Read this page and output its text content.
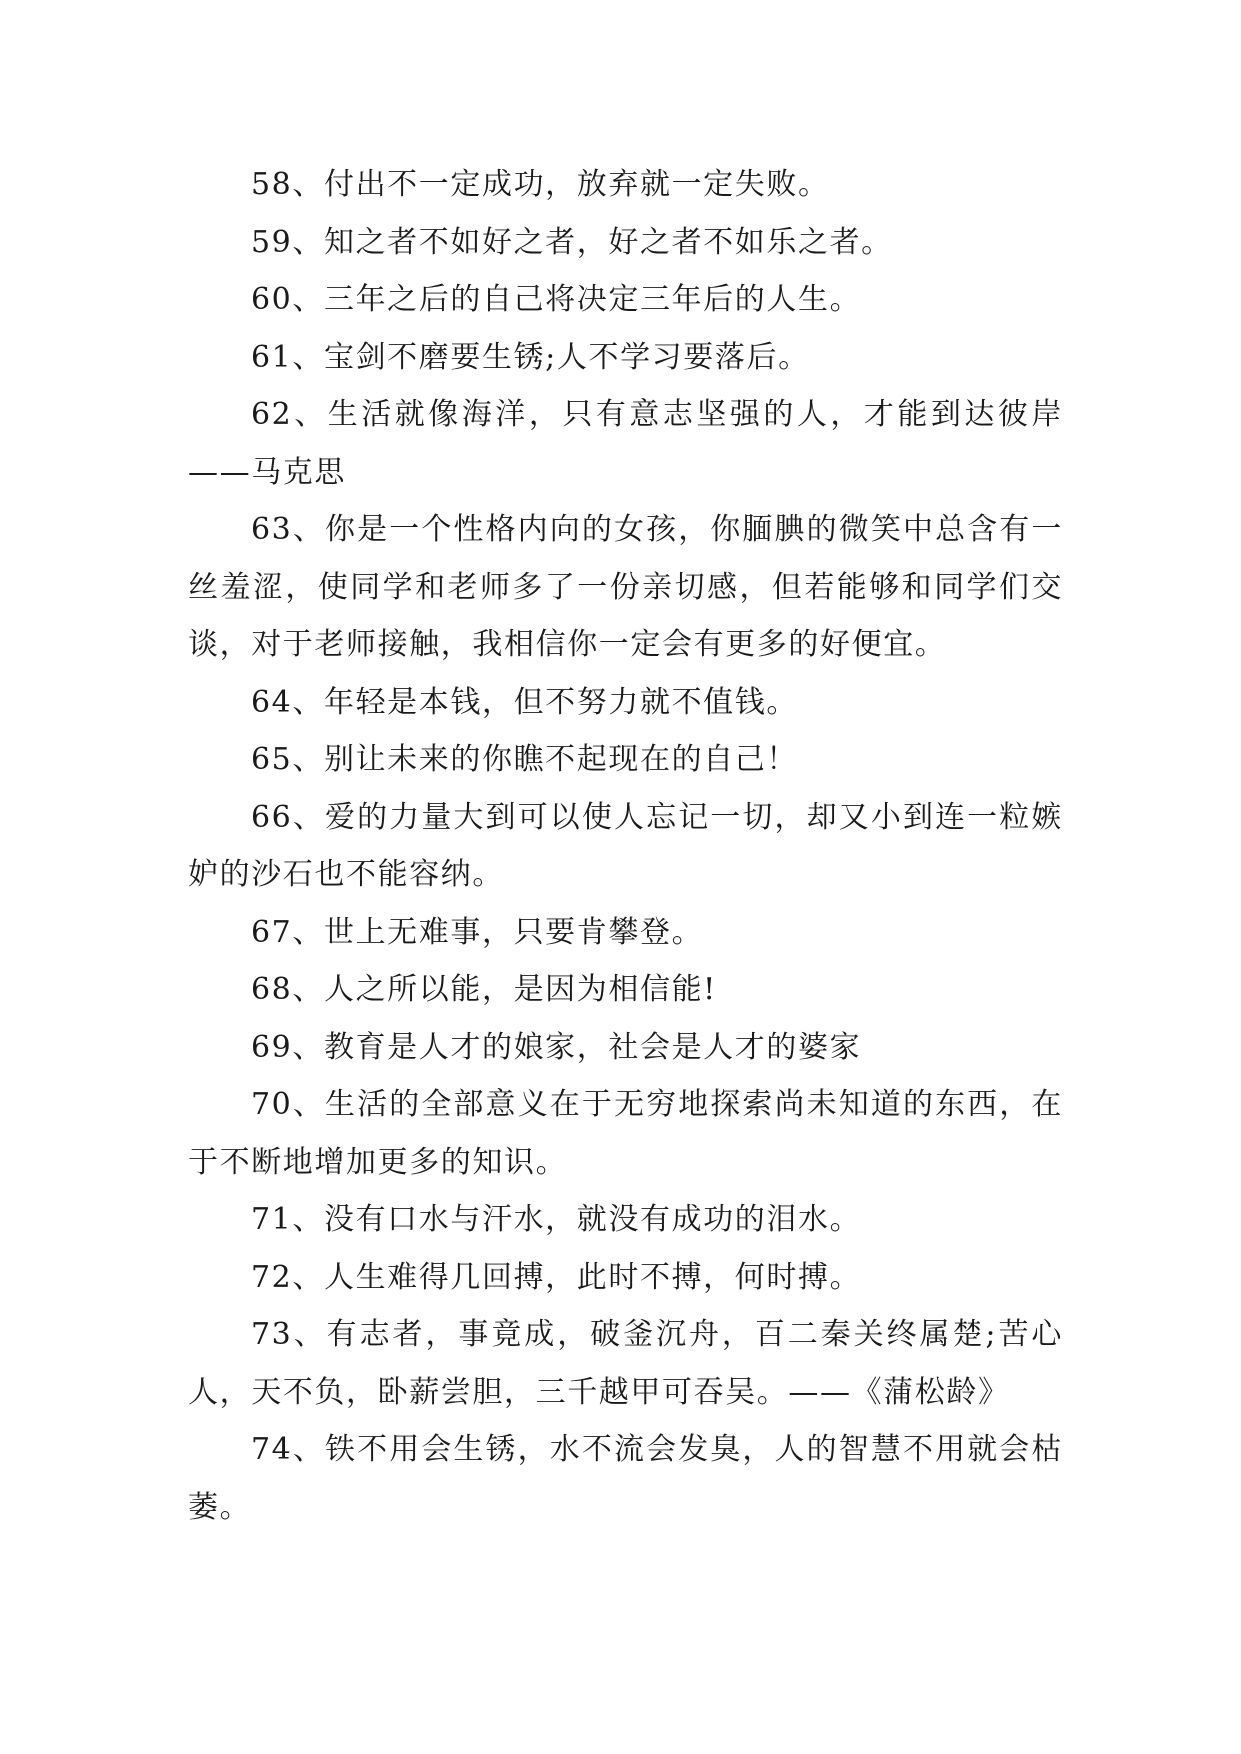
58、付出不一定成功，放弃就一定失败。

59、知之者不如好之者，好之者不如乐之者。

60、三年之后的自己将决定三年后的人生。

61、宝剑不磨要生锈;人不学习要落后。

62、生活就像海洋，只有意志坚强的人，才能到达彼岸——马克思

63、你是一个性格内向的女孩，你腼腆的微笑中总含有一丝羞涩，使同学和老师多了一份亲切感，但若能够和同学们交谈，对于老师接触，我相信你一定会有更多的好便宜。

64、年轻是本钱，但不努力就不值钱。

65、别让未来的你瞧不起现在的自己！

66、爱的力量大到可以使人忘记一切，却又小到连一粒嫉妒的沙石也不能容纳。

67、世上无难事，只要肯攀登。

68、人之所以能，是因为相信能!

69、教育是人才的娘家，社会是人才的婆家

70、生活的全部意义在于无穷地探索尚未知道的东西，在于不断地增加更多的知识。

71、没有口水与汗水，就没有成功的泪水。

72、人生难得几回搏，此时不搏，何时搏。

73、有志者，事竟成，破釜沉舟，百二秦关终属楚;苦心人，天不负，卧薪尝胆，三千越甲可吞吴。——《蒲松龄》

74、铁不用会生锈，水不流会发臭，人的智慧不用就会枯萎。
